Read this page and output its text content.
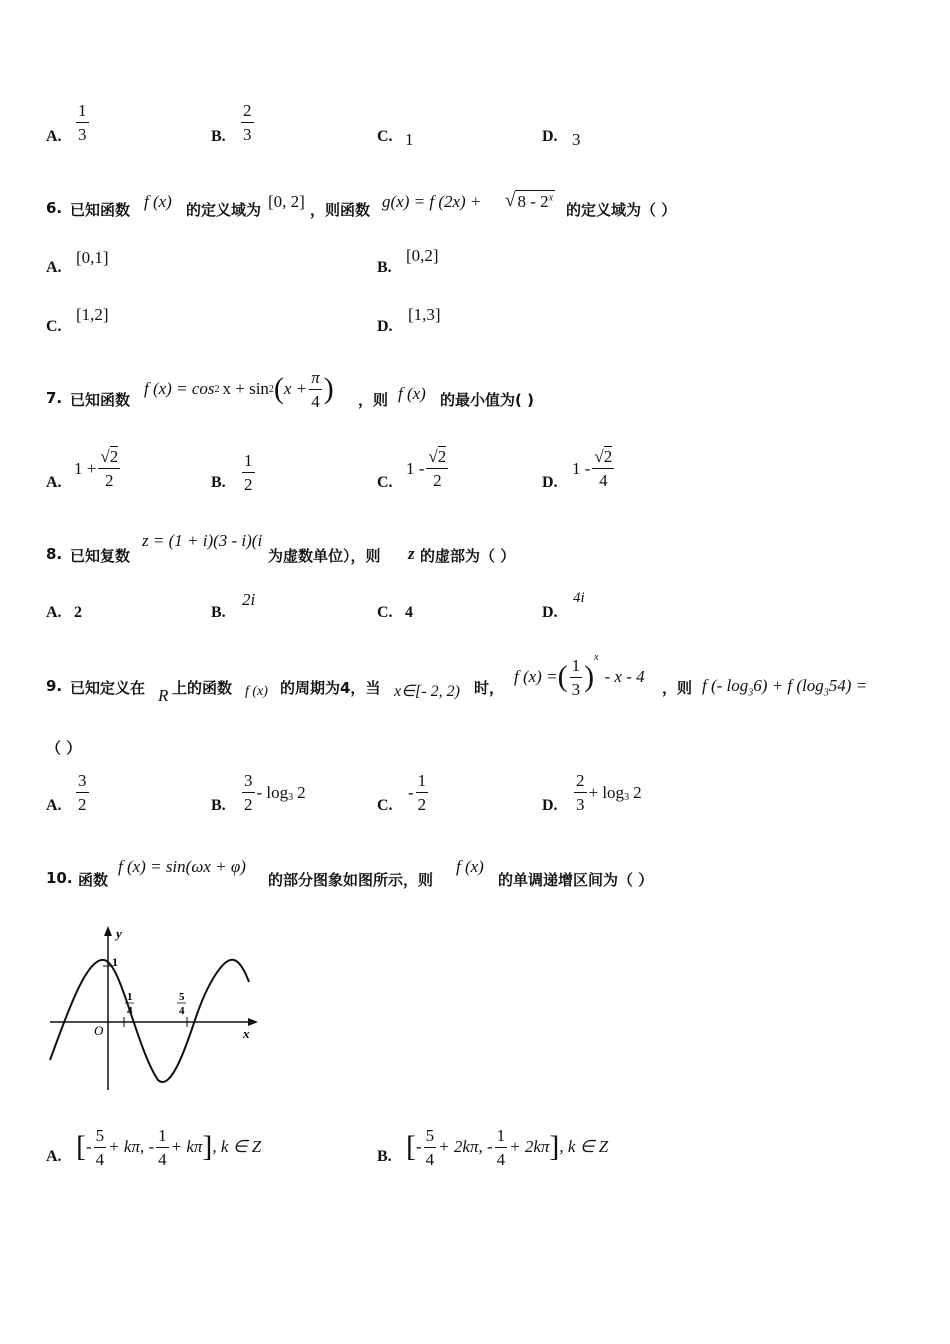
A. $\frac{1}{3}$	B. $\frac{2}{3}$	C. 1	D. 3
6. 已知函数 f (x) 的定义域为 [0, 2] ，则函数 g(x) = f (2x) + √ 8 - 2$^x$
的定义域为（ ）
A.
[0,1]
B.
[0,2]
C.
[1,2]
D.
[1,3]
7. 已知函数
f (x) = cos 2 x + sin 2 ( $x + \frac{\pi}{4}$ ) ，则 f (x) 的最小值为( )
A.
$1 + \frac{√2}{2}$	B. $\frac{1}{2}$	C.
$1 - \frac{√2}{2}$	D.
$1 - \frac{√2}{4}$
8. 已知复数
z = (1 + i)(3 - i)(i
为虚数单位），则 z 的虚部为（ ）
A. 2	B.
2i
C. 4	D.
4i
9. 已知定义在 R 上的函数 f (x) 的周期为4，当 x∈[- 2, 2) 时，
f (x) = ( $\frac{1}{3}$ )
$^x$
- x - 4
，则 f (- $\log_36) + f$ $(\log_354)$ =
（ ）
A. $\frac{3}{2}$	B. $\frac{3}{2} - \log_3 2$
C.
- $\frac{1}{2}$	D. $\frac{2}{3} + \log_3 2$
10. 函数
f (x) = sin(ωx + φ)
的部分图象如图所示，则
f (x)
的单调递增区间为（ ）
y
x
O
1
1
4
5
4
A. [ - $\frac{5}{4} + k\pi$, - $\frac{1}{4} + k\pi$ ] , k ∈ Z
B. [ - $\frac{5}{4} + 2k\pi$, - $\frac{1}{4} + 2k\pi$ ] , k ∈ Z
